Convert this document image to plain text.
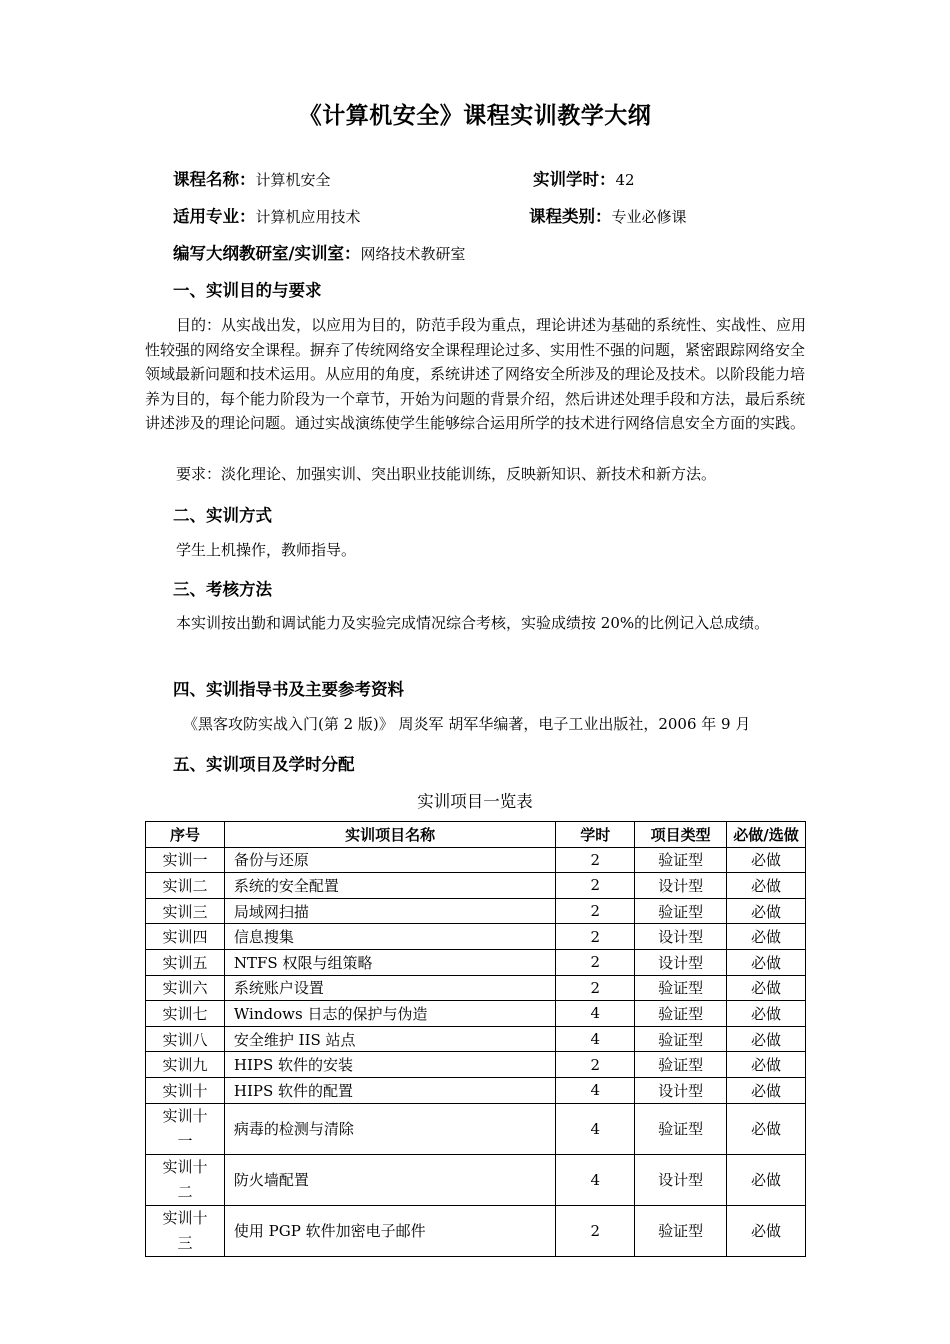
《计算机安全》课程实训教学大纲
课程名称：计算机安全	实训学时：42
适用专业：计算机应用技术	课程类别：专业必修课
编写大纲教研室/实训室：网络技术教研室
一、实训目的与要求
目的：从实战出发，以应用为目的，防范手段为重点，理论讲述为基础的系统性、实战性、应用性较强的网络安全课程。摒弃了传统网络安全课程理论过多、实用性不强的问题，紧密跟踪网络安全领域最新问题和技术运用。从应用的角度，系统讲述了网络安全所涉及的理论及技术。以阶段能力培养为目的，每个能力阶段为一个章节，开始为问题的背景介绍，然后讲述处理手段和方法，最后系统讲述涉及的理论问题。通过实战演练使学生能够综合运用所学的技术进行网络信息安全方面的实践。
要求：淡化理论、加强实训、突出职业技能训练，反映新知识、新技术和新方法。
二、实训方式
学生上机操作，教师指导。
三、考核方法
本实训按出勤和调试能力及实验完成情况综合考核，实验成绩按 20%的比例记入总成绩。
四、实训指导书及主要参考资料
《黑客攻防实战入门(第 2 版)》 周炎军 胡军华编著，电子工业出版社，2006 年 9 月
五、实训项目及学时分配
实训项目一览表
序号	实训项目名称	学时	项目类型	必做/选做
实训一	备份与还原	2	验证型	必做
实训二	系统的安全配置	2	设计型	必做
实训三	局域网扫描	2	验证型	必做
实训四	信息搜集	2	设计型	必做
实训五	NTFS 权限与组策略	2	设计型	必做
实训六	系统账户设置	2	验证型	必做
实训七	Windows 日志的保护与伪造	4	验证型	必做
实训八	安全维护 IIS 站点	4	验证型	必做
实训九	HIPS 软件的安装	2	验证型	必做
实训十	HIPS 软件的配置	4	设计型	必做
实训十一	病毒的检测与清除	4	验证型	必做
实训十二	防火墙配置	4	设计型	必做
实训十三	使用 PGP 软件加密电子邮件	2	验证型	必做
